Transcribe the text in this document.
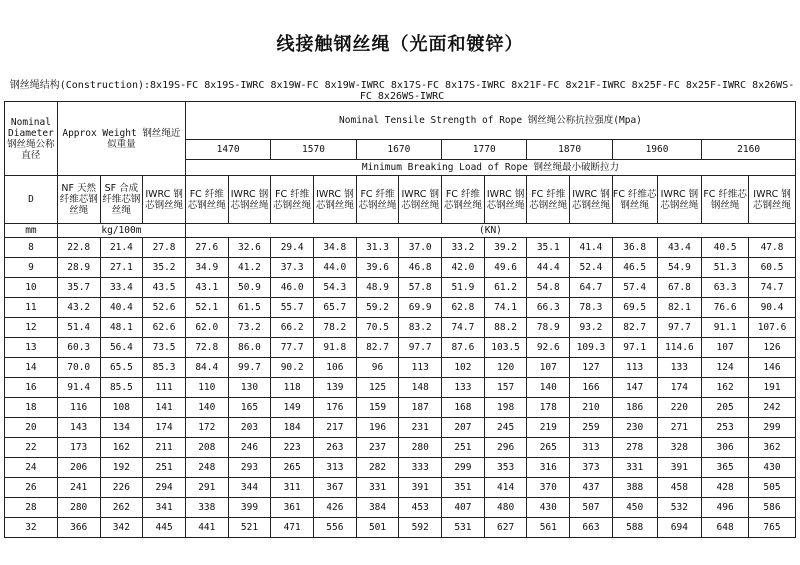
线接触钢丝绳（光面和镀锌）
钢丝绳结构(Construction):8x19S-FC 8x19S-IWRC 8x19W-FC 8x19W-IWRC 8x17S-FC 8x17S-IWRC 8x21F-FC 8x21F-IWRC 8x25F-FC 8x25F-IWRC 8x26WS-FC 8x26WS-IWRC
Nominal Diameter 钢丝绳公称直径	Approx Weight 钢丝绳近似重量			Nominal Tensile Strength of Rope 钢丝绳公称抗拉强度(Mpa)													
				1470		1570		1670		1770		1870		1960		2160	
				Minimum Breaking Load of Rope 钢丝绳最小破断拉力													
D	NF 天然纤维芯钢丝绳	SF 合成纤维芯钢丝绳	IWRC 钢芯钢丝绳	FC 纤维芯钢丝绳	IWRC 钢芯钢丝绳	FC 纤维芯钢丝绳	IWRC 钢芯钢丝绳	FC 纤维芯钢丝绳	IWRC 钢芯钢丝绳	FC 纤维芯钢丝绳	IWRC 钢芯钢丝绳	FC 纤维芯钢丝绳	IWRC 钢芯钢丝绳	FC 纤维芯钢丝绳	IWRC 钢芯钢丝绳	FC 纤维芯钢丝绳	IWRC 钢芯钢丝绳
mm	kg/100m			(KN)													
8	22.8	21.4	27.8	27.6	32.6	29.4	34.8	31.3	37.0	33.2	39.2	35.1	41.4	36.8	43.4	40.5	47.8
9	28.9	27.1	35.2	34.9	41.2	37.3	44.0	39.6	46.8	42.0	49.6	44.4	52.4	46.5	54.9	51.3	60.5
10	35.7	33.4	43.5	43.1	50.9	46.0	54.3	48.9	57.8	51.9	61.2	54.8	64.7	57.4	67.8	63.3	74.7
11	43.2	40.4	52.6	52.1	61.5	55.7	65.7	59.2	69.9	62.8	74.1	66.3	78.3	69.5	82.1	76.6	90.4
12	51.4	48.1	62.6	62.0	73.2	66.2	78.2	70.5	83.2	74.7	88.2	78.9	93.2	82.7	97.7	91.1	107.6
13	60.3	56.4	73.5	72.8	86.0	77.7	91.8	82.7	97.7	87.6	103.5	92.6	109.3	97.1	114.6	107	126
14	70.0	65.5	85.3	84.4	99.7	90.2	106	96	113	102	120	107	127	113	133	124	146
16	91.4	85.5	111	110	130	118	139	125	148	133	157	140	166	147	174	162	191
18	116	108	141	140	165	149	176	159	187	168	198	178	210	186	220	205	242
20	143	134	174	172	203	184	217	196	231	207	245	219	259	230	271	253	299
22	173	162	211	208	246	223	263	237	280	251	296	265	313	278	328	306	362
24	206	192	251	248	293	265	313	282	333	299	353	316	373	331	391	365	430
26	241	226	294	291	344	311	367	331	391	351	414	370	437	388	458	428	505
28	280	262	341	338	399	361	426	384	453	407	480	430	507	450	532	496	586
32	366	342	445	441	521	471	556	501	592	531	627	561	663	588	694	648	765
